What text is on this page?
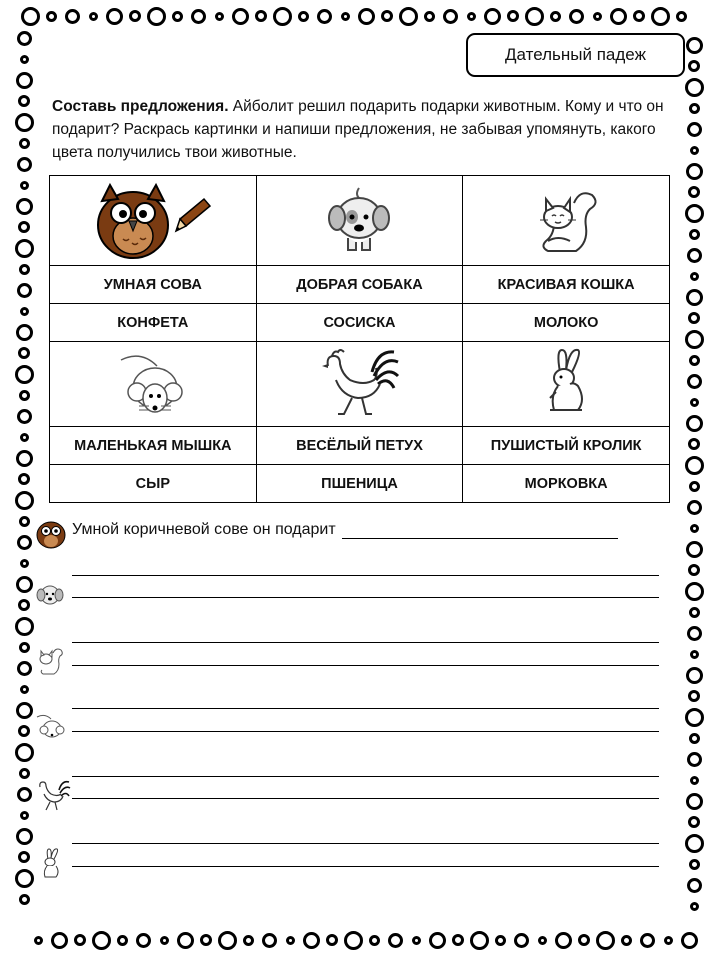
Дательный падеж
Составь предложения. Айболит решил подарить подарки животным. Кому и что он подарит? Раскрась картинки и напиши предложения, не забывая упомянуть, какого цвета получились твои животные.

УМНАЯ СОВА	ДОБРАЯ СОБАКА	КРАСИВАЯ КОШКА
КОНФЕТА	СОСИСКА	МОЛОКО

МАЛЕНЬКАЯ МЫШКА	ВЕСЁЛЫЙ ПЕТУХ	ПУШИСТЫЙ КРОЛИК
СЫР	ПШЕНИЦА	МОРКОВКА
Умной коричневой сове он подарит
